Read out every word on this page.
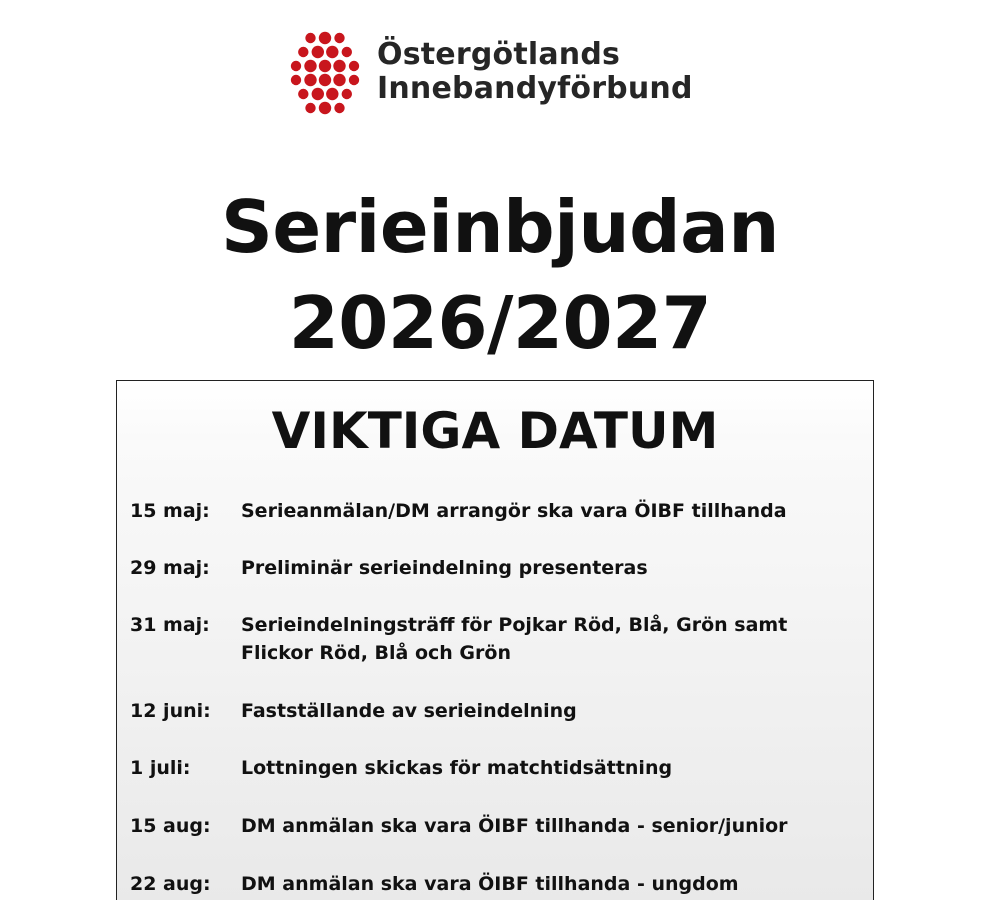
Östergötlands
Innebandyförbund
Serieinbjudan
2026/2027
VIKTIGA DATUM
15 maj:	Serieanmälan/DM arrangör ska vara ÖIBF tillhanda
29 maj:	Preliminär serieindelning presenteras
31 maj:	Serieindelningsträff för Pojkar Röd, Blå, Grön samt Flickor Röd, Blå och Grön
12 juni:	Fastställande av serieindelning
1 juli:	Lottningen skickas för matchtidsättning
15 aug:	DM anmälan ska vara ÖIBF tillhanda - senior/junior
22 aug:	DM anmälan ska vara ÖIBF tillhanda - ungdom
